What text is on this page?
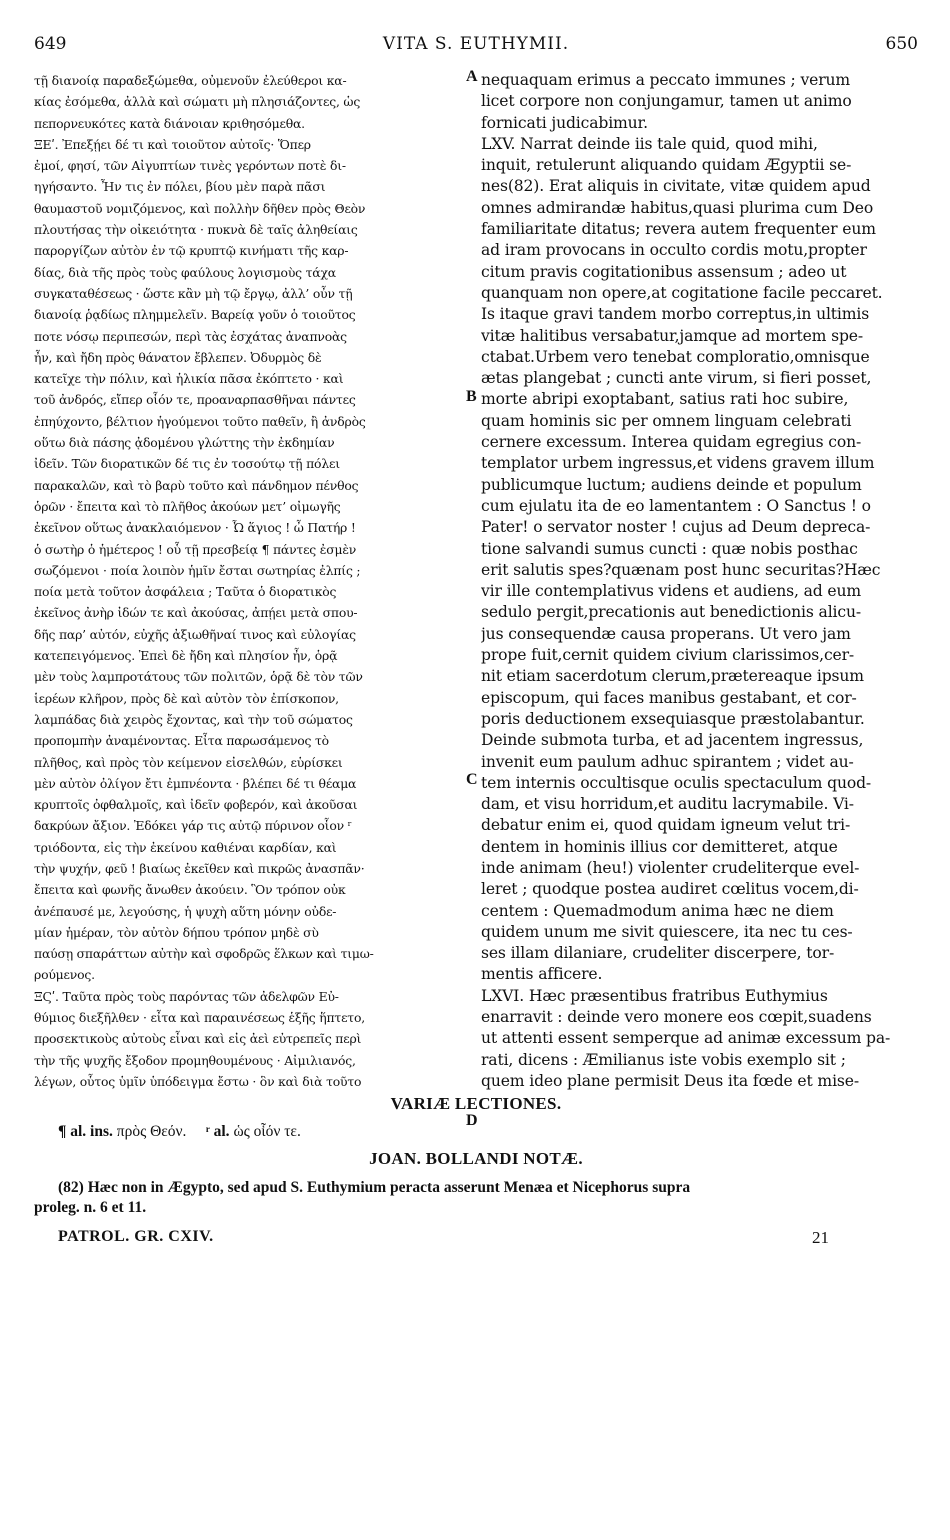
649	VITA S. EUTHYMII.	650
τῇ διανοίᾳ παραδεξώμεθα, οὐμενοῦν ἐλεύθεροι κα-
κίας ἐσόμεθα, ἀλλὰ καὶ σώματι μὴ πλησιάζοντες, ὡς
πεπορνευκότες κατὰ διάνοιαν κριθησόμεθα.
ΞΕʹ. Ἐπεξῄει δέ τι καὶ τοιοῦτον αὐτοῖς· Ὅπερ
ἐμοί, φησί, τῶν Αἰγυπτίων τινὲς γερόντων ποτὲ δι-
ηγήσαντο. Ἦν τις ἐν πόλει, βίου μὲν παρὰ πᾶσι
θαυμαστοῦ νομιζόμενος, καὶ πολλὴν δῆθεν πρὸς Θεὸν
πλουτήσας τὴν οἰκειότητα · πυκνὰ δὲ ταῖς ἀληθείαις
παροργίζων αὐτὸν ἐν τῷ κρυπτῷ κινήματι τῆς καρ-
δίας, διὰ τῆς πρὸς τοὺς φαύλους λογισμοὺς τάχα
συγκαταθέσεως · ὥστε κἂν μὴ τῷ ἔργῳ, ἀλλ’ οὖν τῇ
διανοίᾳ ῥᾳδίως πλημμελεῖν. Βαρείᾳ γοῦν ὁ τοιοῦτος
ποτε νόσῳ περιπεσών, περὶ τὰς ἐσχάτας ἀναπνοὰς
ἦν, καὶ ἤδη πρὸς θάνατον ἔβλεπεν. Ὀδυρμὸς δὲ
κατεῖχε τὴν πόλιν, καὶ ἡλικία πᾶσα ἐκόπτετο · καὶ
τοῦ ἀνδρός, εἴπερ οἷόν τε, προαναρπασθῆναι πάντες
ἐπηύχοντο, βέλτιον ἡγούμενοι τοῦτο παθεῖν, ἢ ἀνδρὸς
οὕτω διὰ πάσης ᾀδομένου γλώττης τὴν ἐκδημίαν
ἰδεῖν. Τῶν διορατικῶν δέ τις ἐν τοσούτῳ τῇ πόλει
παρακαλῶν, καὶ τὸ βαρὺ τοῦτο καὶ πάνδημον πένθος
ὁρῶν · ἔπειτα καὶ τὸ πλῆθος ἀκούων μετ’ οἰμωγῆς
ἐκεῖνον οὕτως ἀνακλαιόμενον · Ὦ ἅγιος ! ὦ Πατήρ !
ὁ σωτὴρ ὁ ἡμέτερος ! οὗ τῇ πρεσβείᾳ ¶ πάντες ἐσμὲν
σωζόμενοι · ποία λοιπὸν ἡμῖν ἔσται σωτηρίας ἐλπίς ;
ποία μετὰ τοῦτον ἀσφάλεια ; Ταῦτα ὁ διορατικὸς
ἐκεῖνος ἀνὴρ ἰδών τε καὶ ἀκούσας, ἀπῄει μετὰ σπου-
δῆς παρ’ αὐτόν, εὐχῆς ἀξιωθῆναί τινος καὶ εὐλογίας
κατεπειγόμενος. Ἐπεὶ δὲ ἤδη καὶ πλησίον ἦν, ὁρᾷ
μὲν τοὺς λαμπροτάτους τῶν πολιτῶν, ὁρᾷ δὲ τὸν τῶν
ἱερέων κλῆρον, πρὸς δὲ καὶ αὐτὸν τὸν ἐπίσκοπον,
λαμπάδας διὰ χειρὸς ἔχοντας, καὶ τὴν τοῦ σώματος
προπομπὴν ἀναμένοντας. Εἶτα παρωσάμενος τὸ
πλῆθος, καὶ πρὸς τὸν κείμενον εἰσελθών, εὑρίσκει
μὲν αὐτὸν ὀλίγον ἔτι ἐμπνέοντα · βλέπει δέ τι θέαμα
κρυπτοῖς ὀφθαλμοῖς, καὶ ἰδεῖν φοβερόν, καὶ ἀκοῦσαι
δακρύων ἄξιον. Ἐδόκει γάρ τις αὐτῷ πύρινον οἷον ʳ
τριόδοντα, εἰς τὴν ἐκείνου καθιέναι καρδίαν, καὶ
τὴν ψυχήν, φεῦ ! βιαίως ἐκεῖθεν καὶ πικρῶς ἀνασπᾶν·
ἔπειτα καὶ φωνῆς ἄνωθεν ἀκούειν. Ὃν τρόπον οὐκ
ἀνέπαυσέ με, λεγούσης, ἡ ψυχὴ αὕτη μόνην οὐδε-
μίαν ἡμέραν, τὸν αὐτὸν δήπου τρόπον μηδὲ σὺ
παύσῃ σπαράττων αὐτὴν καὶ σφοδρῶς ἕλκων καὶ τιμω-
ρούμενος.
ΞϚʹ. Ταῦτα πρὸς τοὺς παρόντας τῶν ἀδελφῶν Εὐ-
θύμιος διεξῆλθεν · εἶτα καὶ παραινέσεως ἑξῆς ἥπτετο,
προσεκτικοὺς αὐτοὺς εἶναι καὶ εἰς ἀεὶ εὐτρεπεῖς περὶ
τὴν τῆς ψυχῆς ἔξοδον προμηθουμένους · Αἰμιλιανός,
λέγων, οὗτος ὑμῖν ὑπόδειγμα ἔστω · ὃν καὶ διὰ τοῦτο
nequaquam erimus a peccato immunes ; verum
licet corpore non conjungamur, tamen ut animo
fornicati judicabimur.
LXV. Narrat deinde iis tale quid, quod mihi,
inquit, retulerunt aliquando quidam Ægyptii se-
nes(82). Erat aliquis in civitate, vitæ quidem apud
omnes admirandæ habitus,quasi plurima cum Deo
familiaritate ditatus; revera autem frequenter eum
ad iram provocans in occulto cordis motu,propter
citum pravis cogitationibus assensum ; adeo ut
quanquam non opere,at cogitatione facile peccaret.
Is itaque gravi tandem morbo correptus,in ultimis
vitæ halitibus versabatur,jamque ad mortem spe-
ctabat.Urbem vero tenebat comploratio,omnisque
ætas plangebat ; cuncti ante virum, si fieri posset,
morte abripi exoptabant, satius rati hoc subire,
quam hominis sic per omnem linguam celebrati
cernere excessum. Interea quidam egregius con-
templator urbem ingressus,et videns gravem illum
publicumque luctum; audiens deinde et populum
cum ejulatu ita de eo lamentantem : O Sanctus ! o
Pater! o servator noster ! cujus ad Deum depreca-
tione salvandi sumus cuncti : quæ nobis posthac
erit salutis spes?quænam post hunc securitas?Hæc
vir ille contemplativus videns et audiens, ad eum
sedulo pergit,precationis aut benedictionis alicu-
jus consequendæ causa properans. Ut vero jam
prope fuit,cernit quidem civium clarissimos,cer-
nit etiam sacerdotum clerum,prætereaque ipsum
episcopum, qui faces manibus gestabant, et cor-
poris deductionem exsequiasque præstolabantur.
Deinde submota turba, et ad jacentem ingressus,
invenit eum paulum adhuc spirantem ; videt au-
tem internis occultisque oculis spectaculum quod-
dam, et visu horridum,et auditu lacrymabile. Vi-
debatur enim ei, quod quidam igneum velut tri-
dentem in hominis illius cor demitteret, atque
inde animam (heu!) violenter crudeliterque evel-
leret ; quodque postea audiret cœlitus vocem,di-
centem : Quemadmodum anima hæc ne diem
quidem unum me sivit quiescere, ita nec tu ces-
ses illam dilaniare, crudeliter discerpere, tor-
mentis afficere.
LXVI. Hæc præsentibus fratribus Euthymius
enarravit : deinde vero monere eos cœpit,suadens
ut attenti essent semperque ad animæ excessum pa-
rati, dicens : Æmilianus iste vobis exemplo sit ;
quem ideo plane permisit Deus ita fœde et mise-
A
B
C
D
VARIÆ LECTIONES.
¶ al. ins. πρὸς Θεόν. ʳ al. ὡς οἷόν τε.
JOAN. BOLLANDI NOTÆ.
(82) Hæc non in Ægypto, sed apud S. Euthymium peracta asserunt Menæa et Nicephorus supra
proleg. n. 6 et 11.
PATROL. GR. CXIV.	21
